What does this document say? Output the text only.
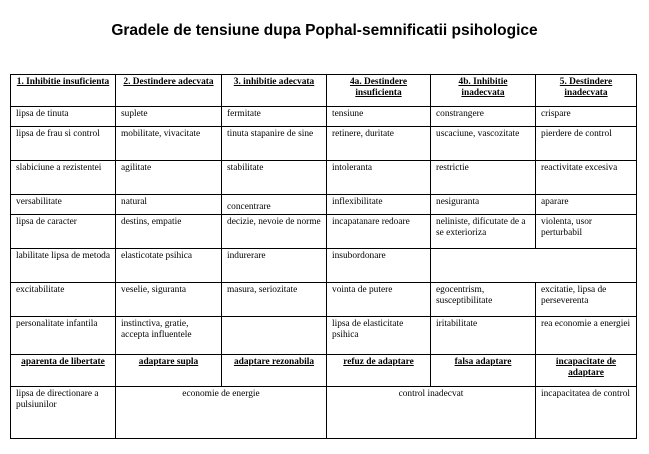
Gradele de tensiune dupa Pophal-semnificatii psihologice
1. Inhibitie insuficienta	2. Destindere adecvata	3. inhibitie adecvata	4a. Destindere insuficienta	4b. Inhibitie inadecvata	5. Destindere inadecvata
lipsa de tinuta	suplete	fermitate	tensiune	constrangere	crispare
lipsa de frau si control	mobilitate, vivacitate	tinuta stapanire de sine	retinere, duritate	uscaciune, vascozitate	pierdere de control
slabiciune a rezistentei	agilitate	stabilitate	intoleranta	restrictie	reactivitate excesiva
versabilitate	natural	concentrare	inflexibilitate	nesiguranta	aparare
lipsa de caracter	destins, empatie	decizie, nevoie de norme	incapatanare redoare	neliniste, dificutate de a se exterioriza	violenta, usor perturbabil
labilitate lipsa de metoda	elasticotate psihica	indurerare	insubordonare		
excitabilitate	veselie, siguranta	masura, seriozitate	vointa de putere	egocentrism, susceptibilitate	excitatie, lipsa de perseverenta
personalitate infantila	instinctiva, gratie, accepta influentele		lipsa de elasticitate psihica	iritabilitate	rea economie a energiei
aparenta de libertate	adaptare supla	adaptare rezonabila	refuz de adaptare	falsa adaptare	incapacitate de adaptare
lipsa de directionare a pulsiunilor	economie de energie		control inadecvat		incapacitatea de control
